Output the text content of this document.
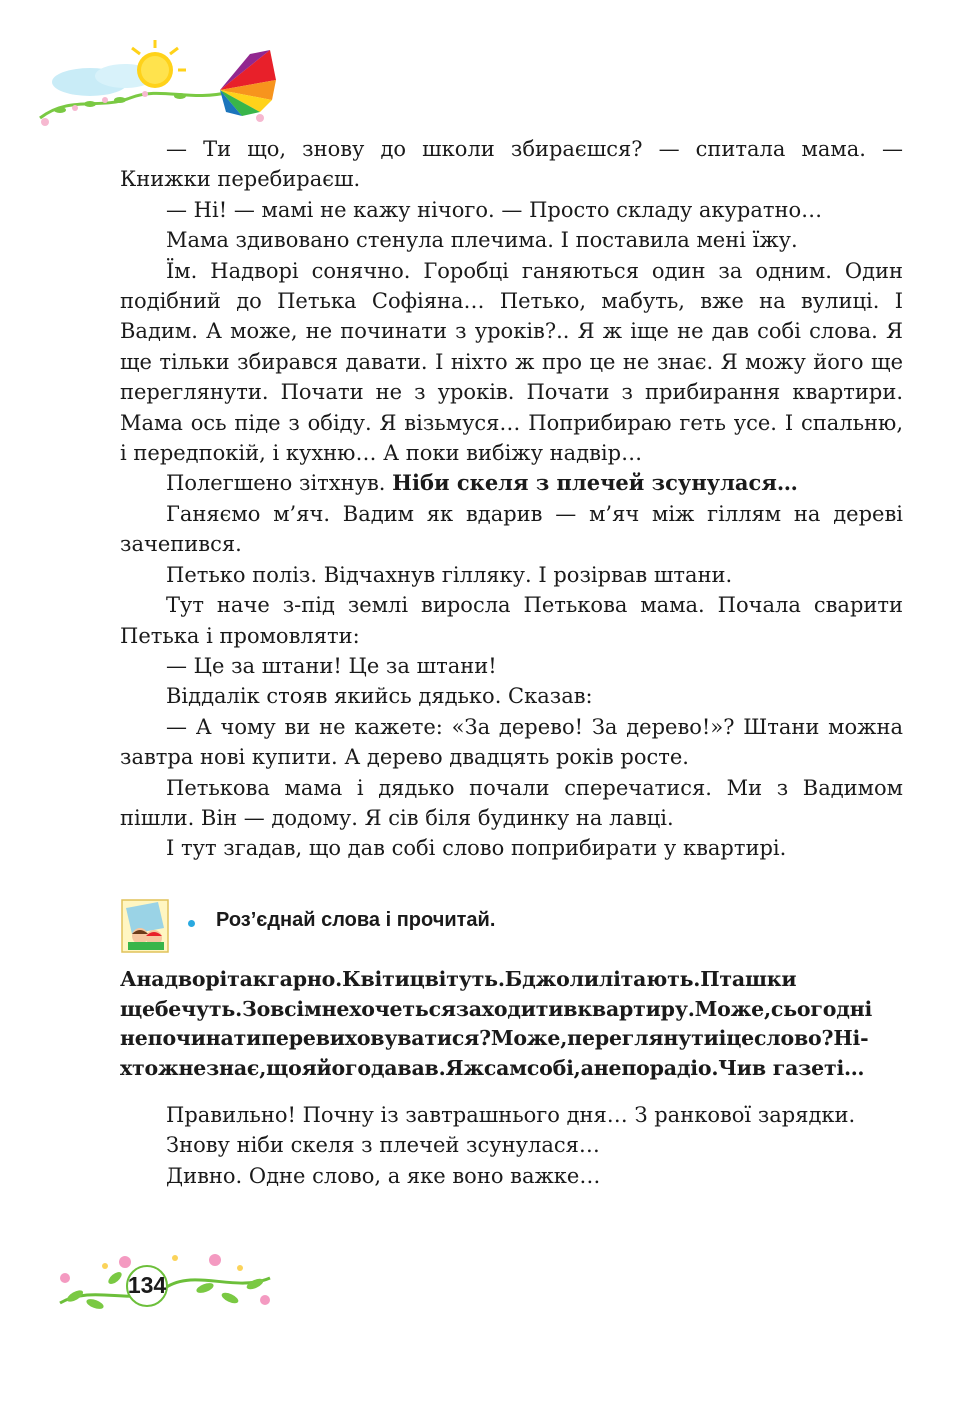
— Ти що, знову до школи збираєшся? — спитала мама. — Книжки перебираєш.

— Ні! — мамі не кажу нічого. — Просто складу акуратно…

Мама здивовано стенула плечима. І поставила мені їжу.

Їм. Надворі сонячно. Горобці ганяються один за одним. Один подібний до Петька Софіяна… Петько, мабуть, вже на вулиці. І Вадим. А може, не починати з уроків?.. Я ж іще не дав собі слова. Я ще тільки збирався давати. І ніхто ж про це не знає. Я можу його ще переглянути. Почати не з уроків. Почати з прибирання квартири. Мама ось піде з обіду. Я візьмуся… Поприбираю геть усе. І спальню, і передпокій, і кухню… А поки вибіжу надвір…

Полегшено зітхнув. Ніби скеля з плечей зсунулася…

Ганяємо м’яч. Вадим як вдарив — м’яч між гіллям на дереві зачепився.

Петько поліз. Відчахнув гілляку. І розірвав штани.

Тут наче з-під землі виросла Петькова мама. Почала сварити Петька і промовляти:

— Це за штани! Це за штани!

Віддалік стояв якийсь дядько. Сказав:

— А чому ви не кажете: «За дерево! За дерево!»? Штани можна завтра нові купити. А дерево двадцять років росте.

Петькова мама і дядько почали сперечатися. Ми з Вадимом пішли. Він — додому. Я сів біля будинку на лавці.

І тут згадав, що дав собі слово поприбирати у квартирі.

Роз’єднай слова і прочитай.
Анадворітакгарно.Квітицвітуть.Бджолилітають.Пташки
щебечуть.Зовсімнехочетьсязаходитивквартиру.Може,сьогодні
непочинатиперевиховуватися?Може,переглянутиіцеслово?Ні-
хтожнезнає,щояйогодавав.Яжсамсобі,анепорадіо.Чив газеті…

Правильно! Почну із завтрашнього дня… З ранкової зарядки.

Знову ніби скеля з плечей зсунулася…

Дивно. Одне слово, а яке воно важке…

134
